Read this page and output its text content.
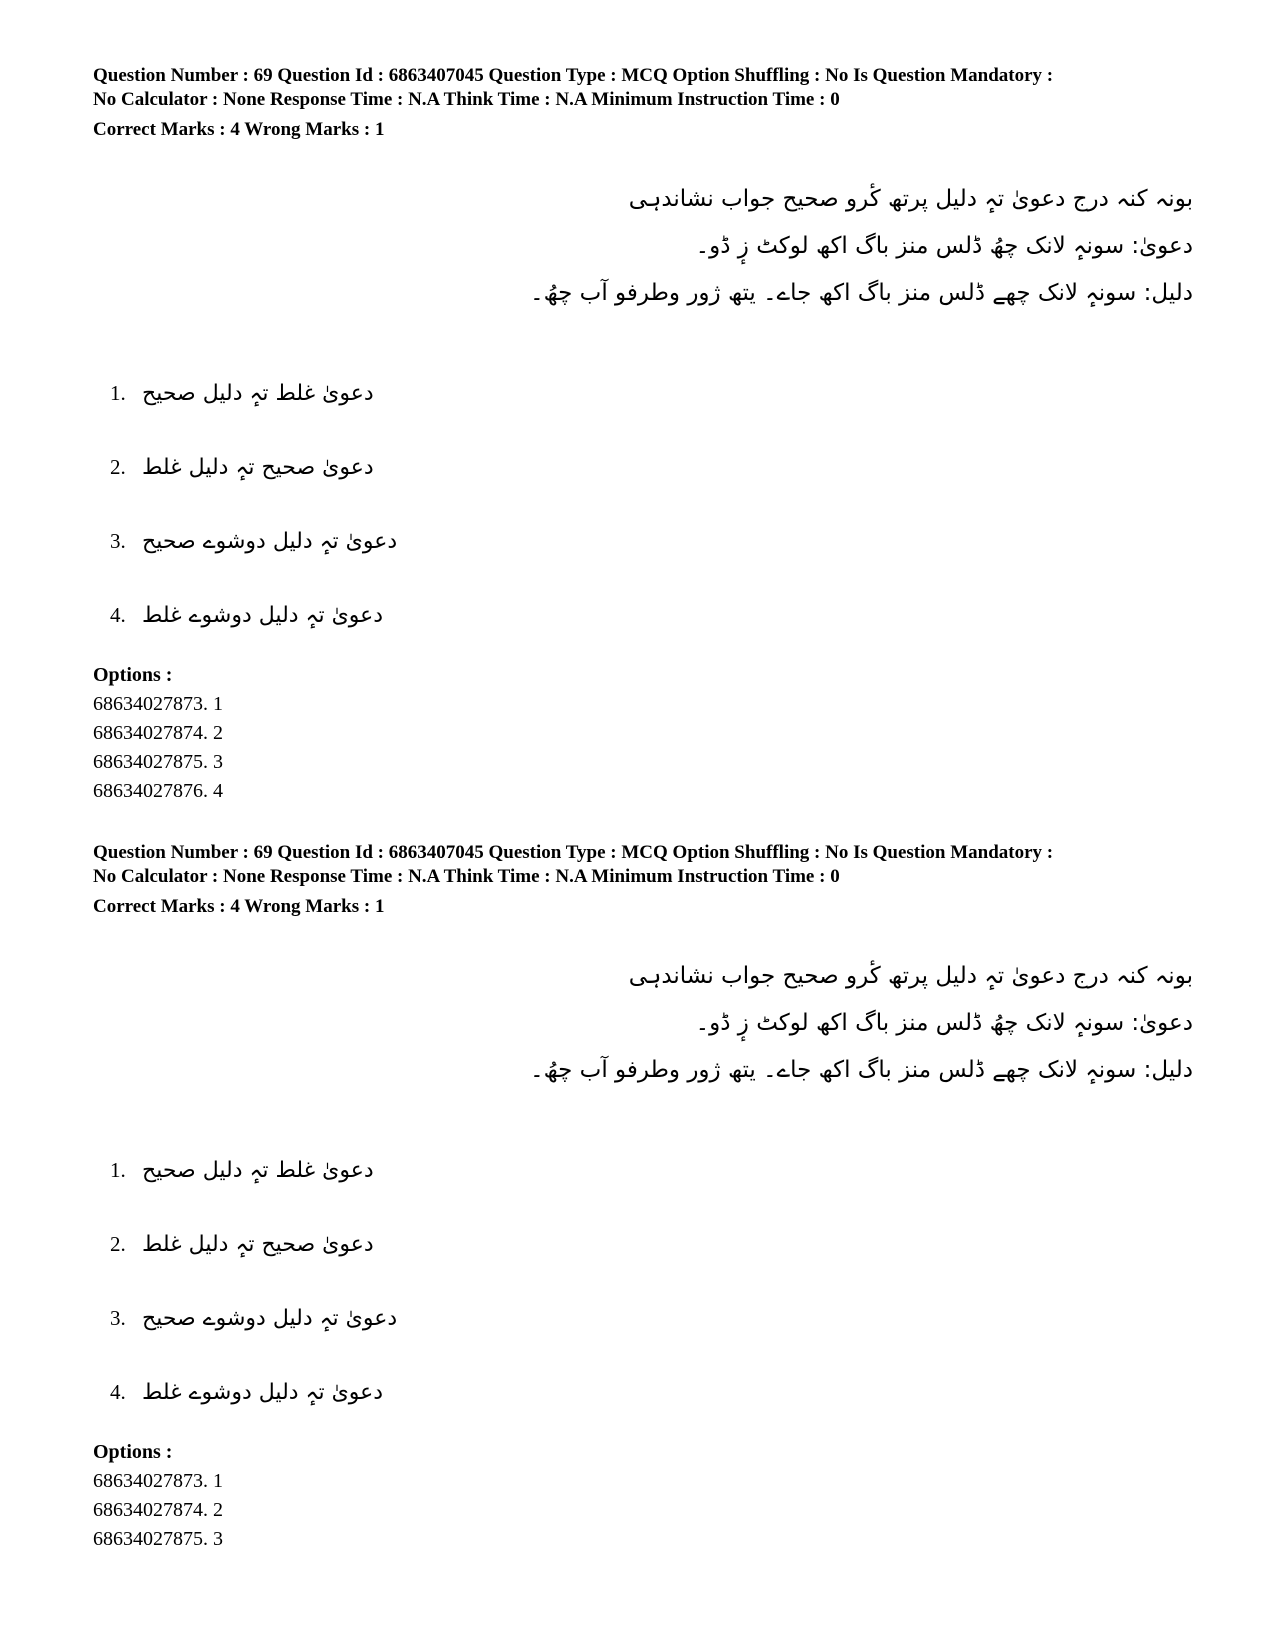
Question Number : 69 Question Id : 6863407045 Question Type : MCQ Option Shuffling : No Is Question Mandatory :
No Calculator : None Response Time : N.A Think Time : N.A Minimum Instruction Time : 0
Correct Marks : 4 Wrong Marks : 1
بونہ کنہ درج دعویٰ تہٕ دلیل پرتھ کٔرو صحیح جواب نشاندہی
دعویٰ: سونہٕ لانک چھُ ڈلس منز باگ اکھ لوکٹ زٕ ڈو۔
دلیل: سونہٕ لانک چھے ڈلس منز باگ اکھ جاے۔ یتھ ژور وطرفو آب چھُ۔
1. دعویٰ غلط تہٕ دلیل صحیح
2. دعویٰ صحیح تہٕ دلیل غلط
3. دعویٰ تہٕ دلیل دوشوے صحیح
4. دعویٰ تہٕ دلیل دوشوے غلط
Options :
68634027873. 1
68634027874. 2
68634027875. 3
68634027876. 4
Question Number : 69 Question Id : 6863407045 Question Type : MCQ Option Shuffling : No Is Question Mandatory :
No Calculator : None Response Time : N.A Think Time : N.A Minimum Instruction Time : 0
Correct Marks : 4 Wrong Marks : 1
بونہ کنہ درج دعویٰ تہٕ دلیل پرتھ کٔرو صحیح جواب نشاندہی
دعویٰ: سونہٕ لانک چھُ ڈلس منز باگ اکھ لوکٹ زٕ ڈو۔
دلیل: سونہٕ لانک چھے ڈلس منز باگ اکھ جاے۔ یتھ ژور وطرفو آب چھُ۔
1. دعویٰ غلط تہٕ دلیل صحیح
2. دعویٰ صحیح تہٕ دلیل غلط
3. دعویٰ تہٕ دلیل دوشوے صحیح
4. دعویٰ تہٕ دلیل دوشوے غلط
Options :
68634027873. 1
68634027874. 2
68634027875. 3
